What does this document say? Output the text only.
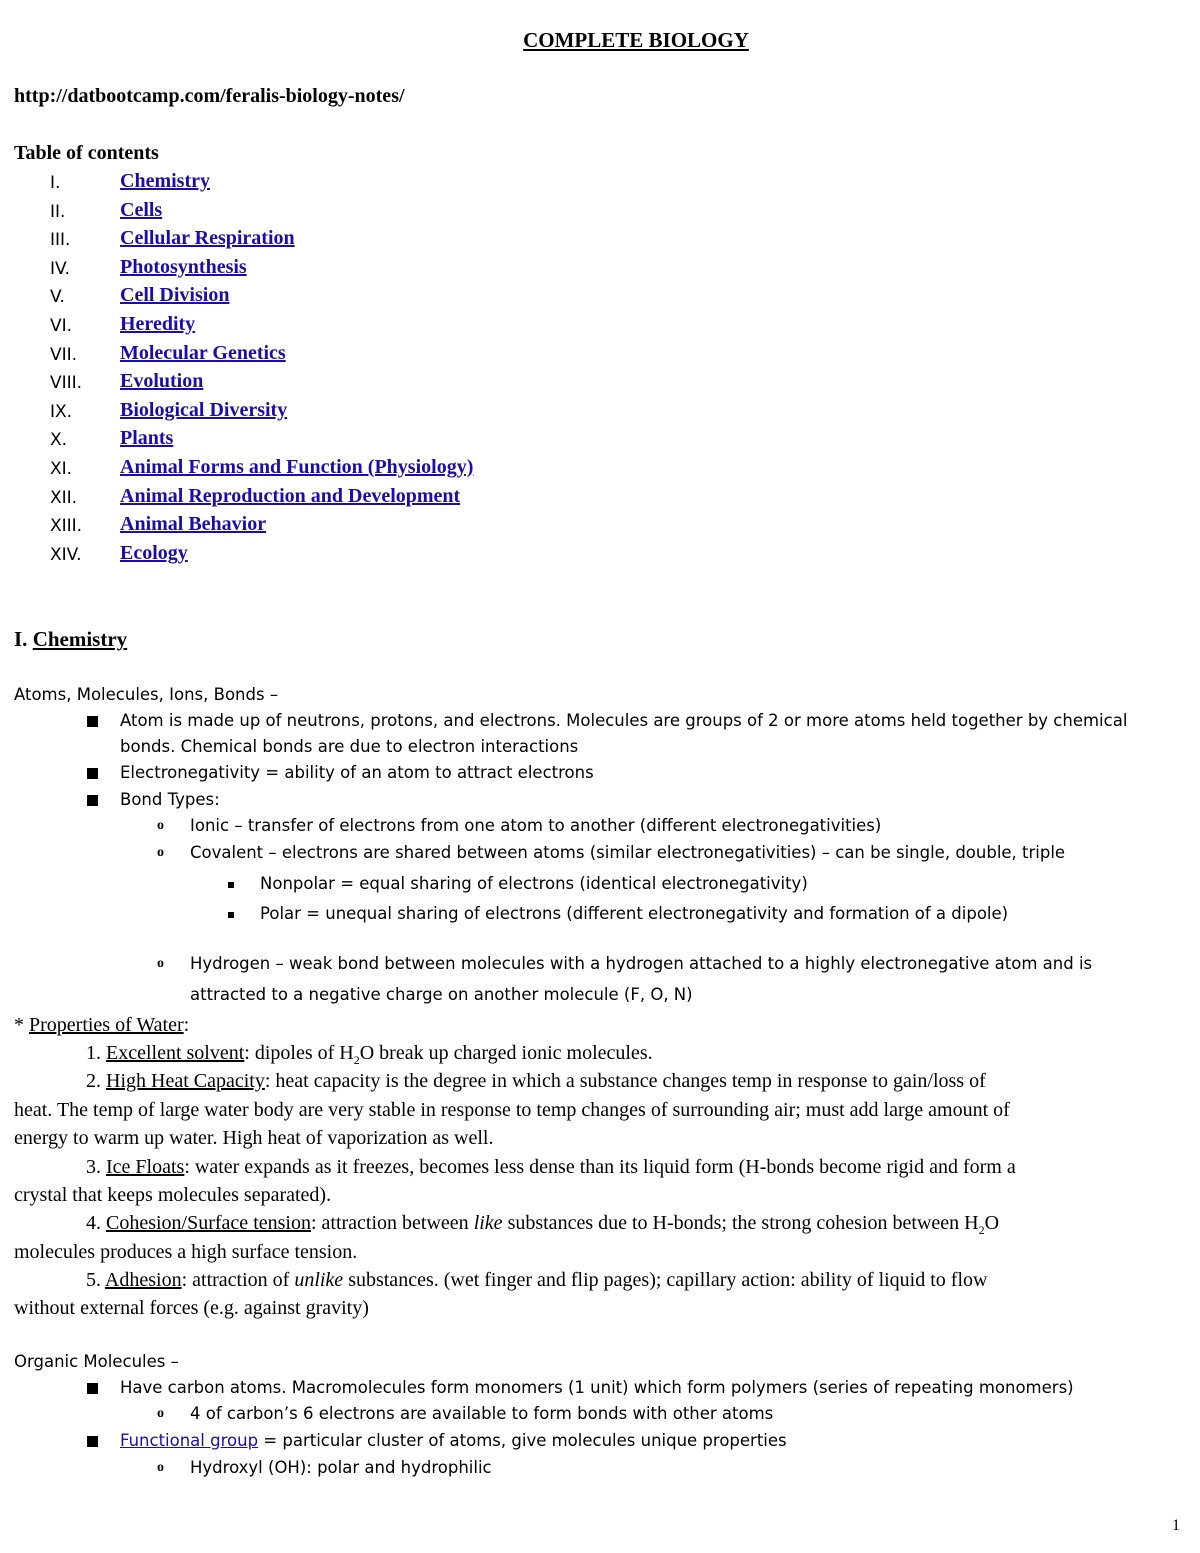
COMPLETE BIOLOGY
http://datbootcamp.com/feralis-biology-notes/
Table of contents
I.	Chemistry
II.	Cells
III. Cellular Respiration
IV.	Photosynthesis
V.	Cell Division
VI. Heredity
VII. Molecular Genetics
VIII. Evolution
IX. Biological Diversity
X.	Plants
XI. Animal Forms and Function (Physiology)
XII. Animal Reproduction and Development
XIII. Animal Behavior
XIV. Ecology
I. Chemistry
Atoms, Molecules, Ions, Bonds –
Atom is made up of neutrons, protons, and electrons. Molecules are groups of 2 or more atoms held together by chemical
bonds. Chemical bonds are due to electron interactions
Electronegativity = ability of an atom to attract electrons
Bond Types:
o Ionic – transfer of electrons from one atom to another (different electronegativities)
o Covalent – electrons are shared between atoms (similar electronegativities) – can be single, double, triple
Nonpolar = equal sharing of electrons (identical electronegativity)
Polar = unequal sharing of electrons (different electronegativity and formation of a dipole)
o Hydrogen – weak bond between molecules with a hydrogen attached to a highly electronegative atom and is
attracted to a negative charge on another molecule (F, O, N)
* Properties of Water:
1. Excellent solvent: dipoles of $H_2O$ break up charged ionic molecules.
2. High Heat Capacity: heat capacity is the degree in which a substance changes temp in response to gain/loss of
heat. The temp of large water body are very stable in response to temp changes of surrounding air; must add large amount of
energy to warm up water. High heat of vaporization as well.
3. Ice Floats: water expands as it freezes, becomes less dense than its liquid form (H-bonds become rigid and form a
crystal that keeps molecules separated).
4. Cohesion/Surface tension: attraction between like substances due to H-bonds; the strong cohesion between $H_2O$
molecules produces a high surface tension.
5. Adhesion: attraction of unlike substances. (wet finger and flip pages); capillary action: ability of liquid to flow
without external forces (e.g. against gravity)
Organic Molecules –
Have carbon atoms. Macromolecules form monomers (1 unit) which form polymers (series of repeating monomers)
o 4 of carbon’s 6 electrons are available to form bonds with other atoms
Functional group = particular cluster of atoms, give molecules unique properties
o Hydroxyl (OH): polar and hydrophilic
1
